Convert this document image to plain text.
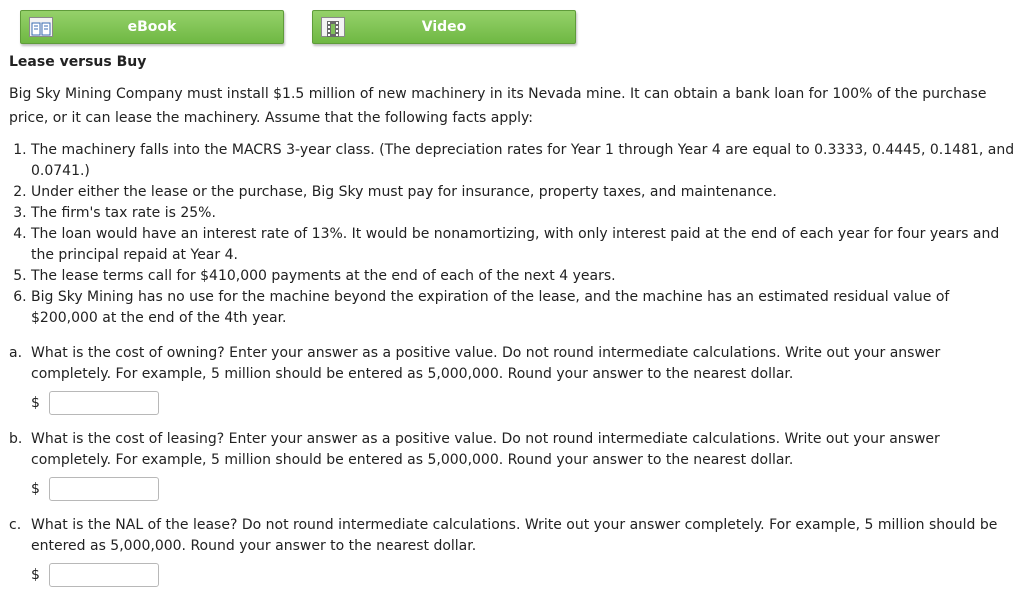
eBook	Video
Lease versus Buy
Big Sky Mining Company must install $1.5 million of new machinery in its Nevada mine. It can obtain a bank loan for 100% of the purchase price, or it can lease the machinery. Assume that the following facts apply:
1. The machinery falls into the MACRS 3-year class. (The depreciation rates for Year 1 through Year 4 are equal to 0.3333, 0.4445, 0.1481, and 0.0741.)
2. Under either the lease or the purchase, Big Sky must pay for insurance, property taxes, and maintenance.
3. The firm's tax rate is 25%.
4. The loan would have an interest rate of 13%. It would be nonamortizing, with only interest paid at the end of each year for four years and the principal repaid at Year 4.
5. The lease terms call for $410,000 payments at the end of each of the next 4 years.
6. Big Sky Mining has no use for the machine beyond the expiration of the lease, and the machine has an estimated residual value of $200,000 at the end of the 4th year.
a. What is the cost of owning? Enter your answer as a positive value. Do not round intermediate calculations. Write out your answer completely. For example, 5 million should be entered as 5,000,000. Round your answer to the nearest dollar.
$
b. What is the cost of leasing? Enter your answer as a positive value. Do not round intermediate calculations. Write out your answer completely. For example, 5 million should be entered as 5,000,000. Round your answer to the nearest dollar.
$
c. What is the NAL of the lease? Do not round intermediate calculations. Write out your answer completely. For example, 5 million should be entered as 5,000,000. Round your answer to the nearest dollar.
$
